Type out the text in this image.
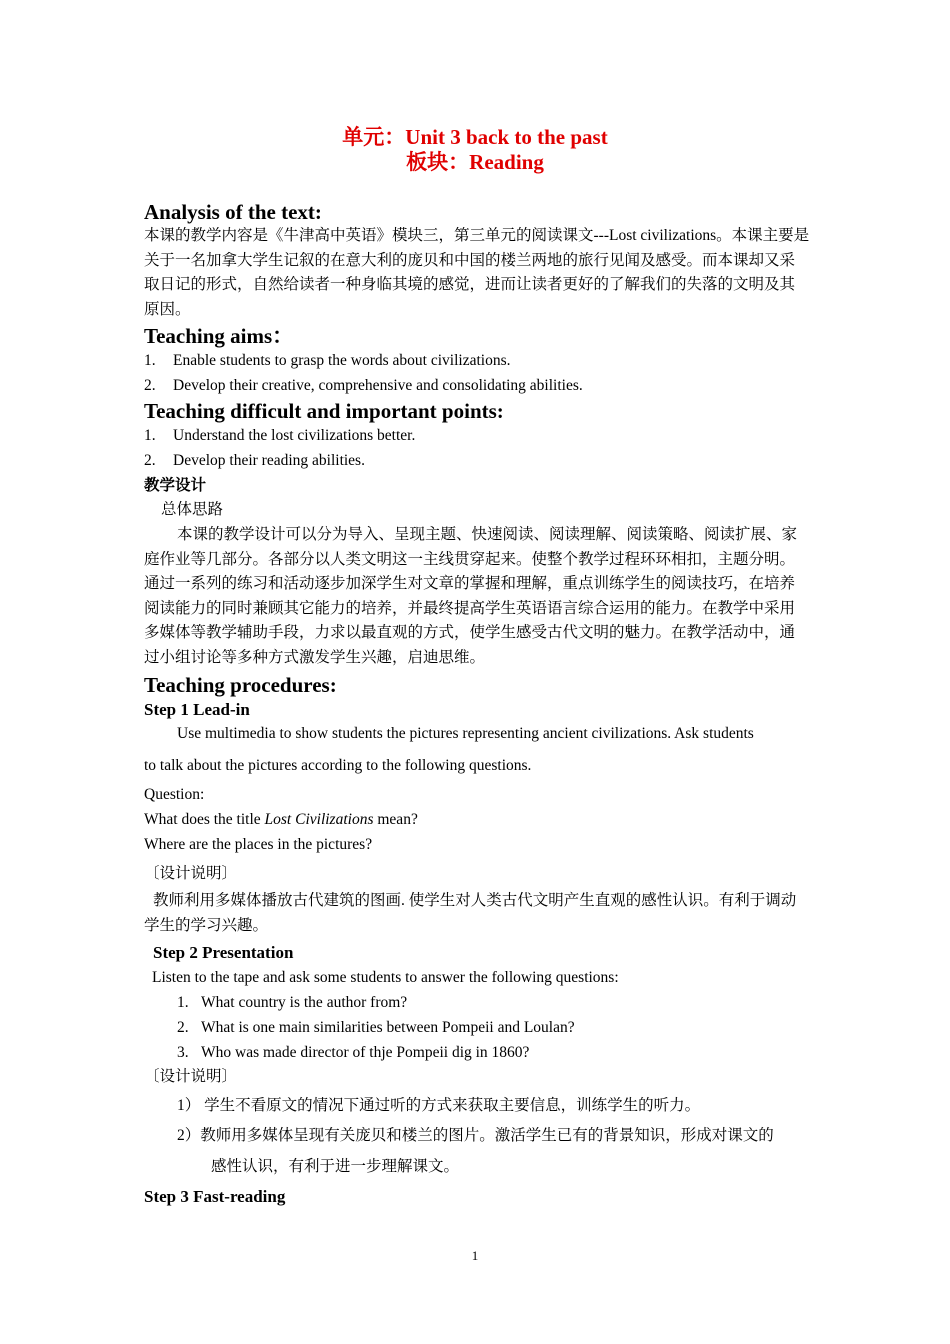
单元：Unit 3 back to the past
板块：Reading
Analysis of the text:
本课的教学内容是《牛津高中英语》模块三，第三单元的阅读课文---Lost civilizations。本课主要是关于一名加拿大学生记叙的在意大利的庞贝和中国的楼兰两地的旅行见闻及感受。而本课却又采取日记的形式，自然给读者一种身临其境的感觉，进而让读者更好的了解我们的失落的文明及其原因。
Teaching aims：
1. Enable students to grasp the words about civilizations.
2. Develop their creative, comprehensive and consolidating abilities.
Teaching difficult and important points:
1. Understand the lost civilizations better.
2. Develop their reading abilities.
教学设计
总体思路
本课的教学设计可以分为导入、呈现主题、快速阅读、阅读理解、阅读策略、阅读扩展、家庭作业等几部分。各部分以人类文明这一主线贯穿起来。使整个教学过程环环相扣，主题分明。通过一系列的练习和活动逐步加深学生对文章的掌握和理解，重点训练学生的阅读技巧，在培养阅读能力的同时兼顾其它能力的培养，并最终提高学生英语语言综合运用的能力。在教学中采用多媒体等教学辅助手段，力求以最直观的方式，使学生感受古代文明的魅力。在教学活动中，通过小组讨论等多种方式激发学生兴趣，启迪思维。
Teaching procedures:
Step 1 Lead-in
Use multimedia to show students the pictures representing ancient civilizations. Ask students
to talk about the pictures according to the following questions.
Question:
What does the title Lost Civilizations mean?
Where are the places in the pictures?
〔设计说明〕
教师利用多媒体播放古代建筑的图画. 使学生对人类古代文明产生直观的感性认识。有利于调动学生的学习兴趣。
Step 2 Presentation
Listen to the tape and ask some students to answer the following questions:
1. What country is the author from?
2. What is one main similarities between Pompeii and Loulan?
3. Who was made director of thje Pompeii dig in 1860?
〔设计说明〕
1） 学生不看原文的情况下通过听的方式来获取主要信息，训练学生的听力。
2）教师用多媒体呈现有关庞贝和楼兰的图片。激活学生已有的背景知识，形成对课文的
感性认识，有利于进一步理解课文。
Step 3 Fast-reading
1
